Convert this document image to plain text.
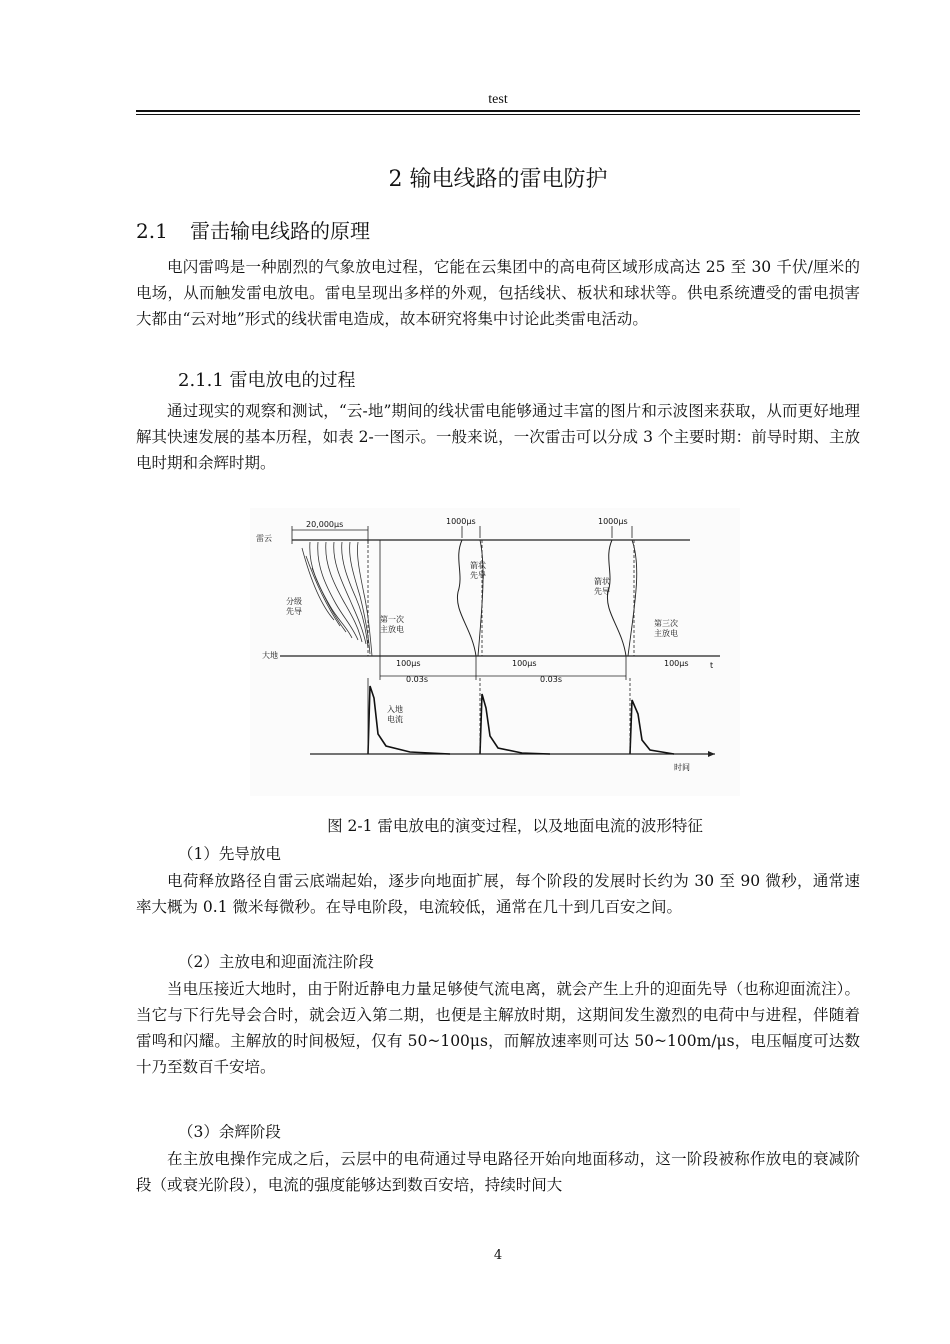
test
2 输电线路的雷电防护
2.1 雷击输电线路的原理

电闪雷鸣是一种剧烈的气象放电过程，它能在云集团中的高电荷区域形成高达 25 至 30 千伏/厘米的电场，从而触发雷电放电。雷电呈现出多样的外观，包括线状、板状和球状等。供电系统遭受的雷电损害大都由“云对地”形式的线状雷电造成，故本研究将集中讨论此类雷电活动。

2.1.1 雷电放电的过程

通过现实的观察和测试，“云-地”期间的线状雷电能够通过丰富的图片和示波图来获取，从而更好地理解其快速发展的基本历程，如表 2-一图示。一般来说，一次雷击可以分成 3 个主要时期：前导时期、主放电时期和余辉时期。

雷云
大地
分级
先导
第一次
主放电
箭状
先导
箭状
先导
第三次
主放电
入地
电流
时间
t
20,000μs	1000μs	1000μs
100μs	100μs	100μs
0.03s	0.03s
图 2-1 雷电放电的演变过程，以及地面电流的波形特征
（1）先导放电

电荷释放路径自雷云底端起始，逐步向地面扩展，每个阶段的发展时长约为 30 至 90 微秒，通常速率大概为 0.1 微米每微秒。在导电阶段，电流较低，通常在几十到几百安之间。

（2）主放电和迎面流注阶段

当电压接近大地时，由于附近静电力量足够使气流电离，就会产生上升的迎面先导（也称迎面流注）。当它与下行先导会合时，就会迈入第二期，也便是主解放时期，这期间发生激烈的电荷中与进程，伴随着雷鸣和闪耀。主解放的时间极短，仅有 50~100μs，而解放速率则可达 50~100m/μs，电压幅度可达数十乃至数百千安培。

（3）余辉阶段

在主放电操作完成之后，云层中的电荷通过导电路径开始向地面移动，这一阶段被称作放电的衰减阶段（或衰光阶段），电流的强度能够达到数百安培，持续时间大

4
